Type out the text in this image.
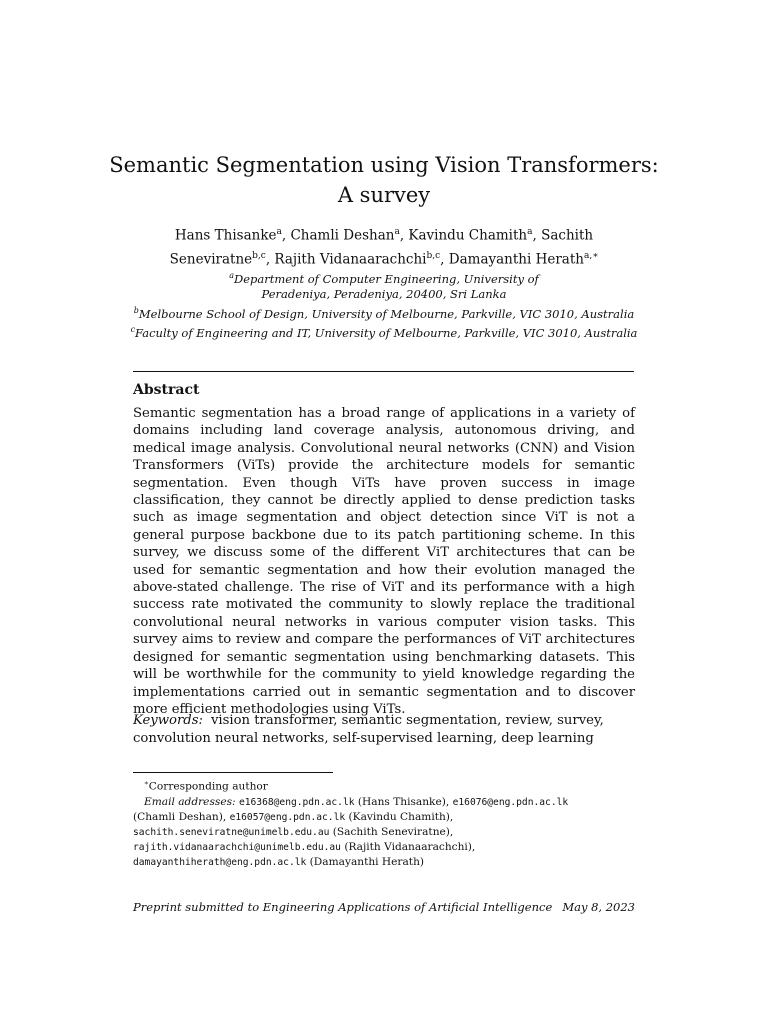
Semantic Segmentation using Vision Transformers:
A survey
Hans Thisanke$^a$, Chamli Deshan$^a$, Kavindu Chamith$^a$, Sachith
Seneviratne$^{b,c}$, Rajith Vidanaarachchi$^{b,c}$, Damayanthi Herath$^{a,∗}$
$^a$Department of Computer Engineering, University of
Peradeniya, Peradeniya, 20400, Sri Lanka
$^b$Melbourne School of Design, University of Melbourne, Parkville, VIC 3010, Australia
$^c$Faculty of Engineering and IT, University of Melbourne, Parkville, VIC 3010, Australia
Abstract
Semantic segmentation has a broad range of applications in a variety of domains including land coverage analysis, autonomous driving, and medical image analysis. Convolutional neural networks (CNN) and Vision Transformers (ViTs) provide the architecture models for semantic segmentation. Even though ViTs have proven success in image classification, they cannot be directly applied to dense prediction tasks such as image segmentation and object detection since ViT is not a general purpose backbone due to its patch partitioning scheme. In this survey, we discuss some of the different ViT architectures that can be used for semantic segmentation and how their evolution managed the above-stated challenge. The rise of ViT and its performance with a high success rate motivated the community to slowly replace the traditional convolutional neural networks in various computer vision tasks. This survey aims to review and compare the performances of ViT architectures designed for semantic segmentation using benchmarking datasets. This will be worthwhile for the community to yield knowledge regarding the implementations carried out in semantic segmentation and to discover more efficient methodologies using ViTs.
Keywords: vision transformer, semantic segmentation, review, survey, convolution neural networks, self-supervised learning, deep learning
∗Corresponding author
Email addresses: e16368@eng.pdn.ac.lk (Hans Thisanke), e16076@eng.pdn.ac.lk
(Chamli Deshan), e16057@eng.pdn.ac.lk (Kavindu Chamith),
sachith.seneviratne@unimelb.edu.au (Sachith Seneviratne),
rajith.vidanaarachchi@unimelb.edu.au (Rajith Vidanaarachchi),
damayanthiherath@eng.pdn.ac.lk (Damayanthi Herath)
Preprint submitted to Engineering Applications of Artificial Intelligence May 8, 2023
